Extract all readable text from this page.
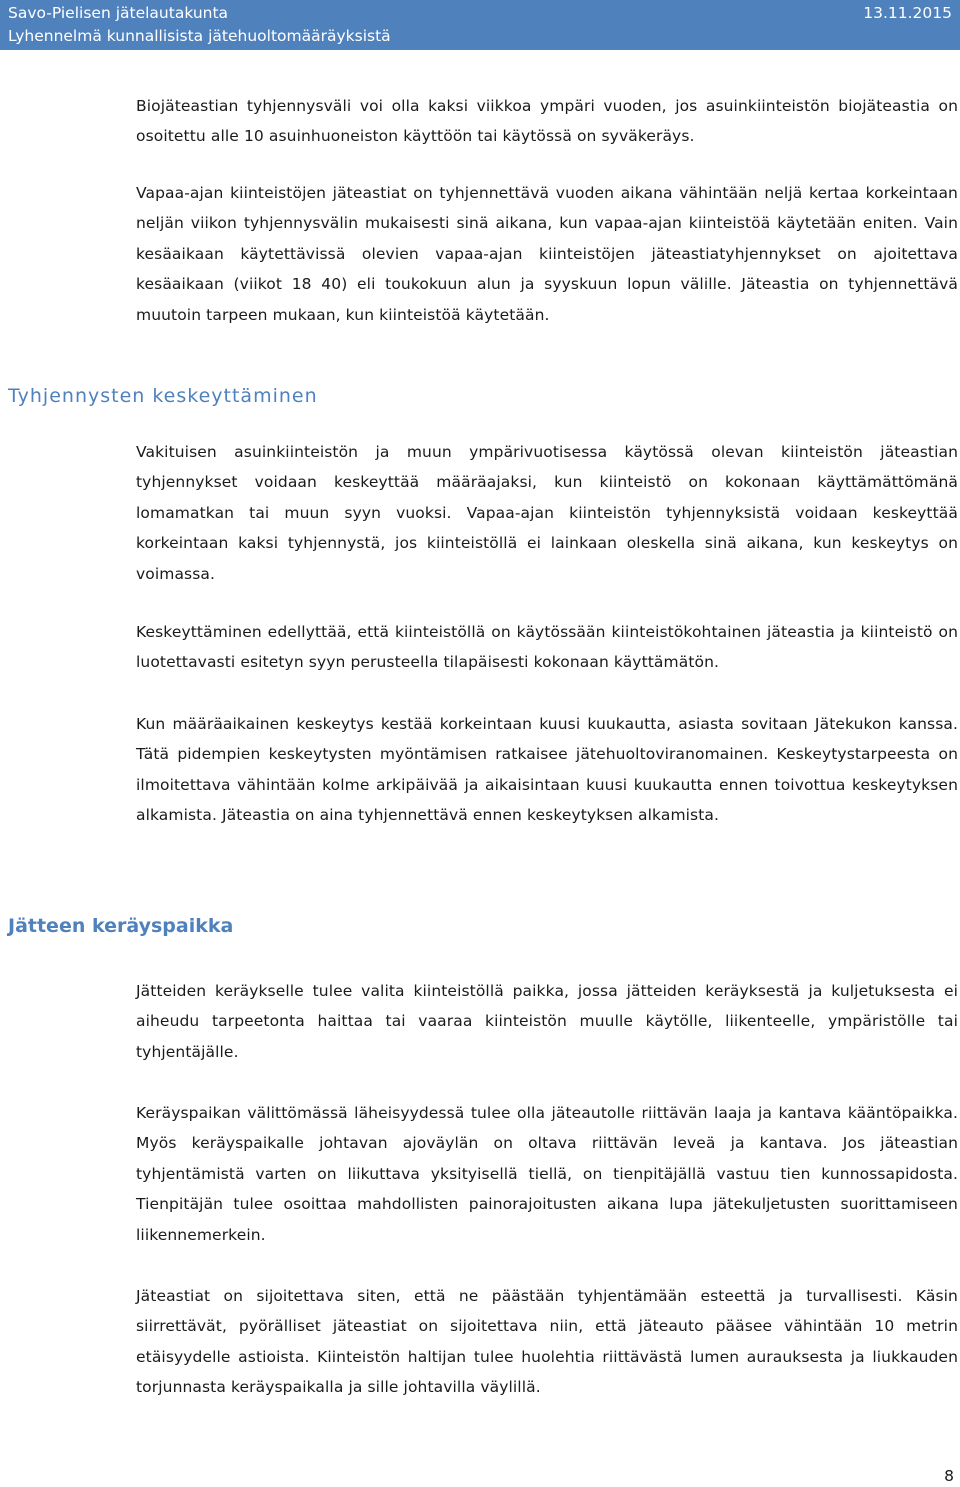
Savo-Pielisen jätelautakunta
Lyhennelmä kunnallisista jätehuoltomääräyksistä
13.11.2015

Biojäteastian tyhjennysväli voi olla kaksi viikkoa ympäri vuoden, jos asuinkiinteistön biojäteastia on osoitettu alle 10 asuinhuoneiston käyttöön tai käytössä on syväkeräys.

Vapaa-ajan kiinteistöjen jäteastiat on tyhjennettävä vuoden aikana vähintään neljä kertaa korkeintaan neljän viikon tyhjennysvälin mukaisesti sinä aikana, kun vapaa-ajan kiinteistöä käytetään eniten. Vain kesäaikaan käytettävissä olevien vapaa-ajan kiinteistöjen jäteastiatyhjennykset on ajoitettava kesäaikaan (viikot 18 40) eli toukokuun alun ja syyskuun lopun välille. Jäteastia on tyhjennettävä muutoin tarpeen mukaan, kun kiinteistöä käytetään.

Tyhjennysten keskeyttäminen

Vakituisen asuinkiinteistön ja muun ympärivuotisessa käytössä olevan kiinteistön jäteastian tyhjennykset voidaan keskeyttää määräajaksi, kun kiinteistö on kokonaan käyttämättömänä lomamatkan tai muun syyn vuoksi. Vapaa-ajan kiinteistön tyhjennyksistä voidaan keskeyttää korkeintaan kaksi tyhjennystä, jos kiinteistöllä ei lainkaan oleskella sinä aikana, kun keskeytys on voimassa.

Keskeyttäminen edellyttää, että kiinteistöllä on käytössään kiinteistökohtainen jäteastia ja kiinteistö on luotettavasti esitetyn syyn perusteella tilapäisesti kokonaan käyttämätön.

Kun määräaikainen keskeytys kestää korkeintaan kuusi kuukautta, asiasta sovitaan Jätekukon kanssa. Tätä pidempien keskeytysten myöntämisen ratkaisee jätehuoltoviranomainen. Keskeytystarpeesta on ilmoitettava vähintään kolme arkipäivää ja aikaisintaan kuusi kuukautta ennen toivottua keskeytyksen alkamista. Jäteastia on aina tyhjennettävä ennen keskeytyksen alkamista.

Jätteen keräyspaikka

Jätteiden keräykselle tulee valita kiinteistöllä paikka, jossa jätteiden keräyksestä ja kuljetuksesta ei aiheudu tarpeetonta haittaa tai vaaraa kiinteistön muulle käytölle, liikenteelle, ympäristölle tai tyhjentäjälle.

Keräyspaikan välittömässä läheisyydessä tulee olla jäteautolle riittävän laaja ja kantava kääntöpaikka. Myös keräyspaikalle johtavan ajoväylän on oltava riittävän leveä ja kantava. Jos jäteastian tyhjentämistä varten on liikuttava yksityisellä tiellä, on tienpitäjällä vastuu tien kunnossapidosta. Tienpitäjän tulee osoittaa mahdollisten painorajoitusten aikana lupa jätekuljetusten suorittamiseen liikennemerkein.

Jäteastiat on sijoitettava siten, että ne päästään tyhjentämään esteettä ja turvallisesti. Käsin siirrettävät, pyörälliset jäteastiat on sijoitettava niin, että jäteauto pääsee vähintään 10 metrin etäisyydelle astioista. Kiinteistön haltijan tulee huolehtia riittävästä lumen aurauksesta ja liukkauden torjunnasta keräyspaikalla ja sille johtavilla väylillä.

8
